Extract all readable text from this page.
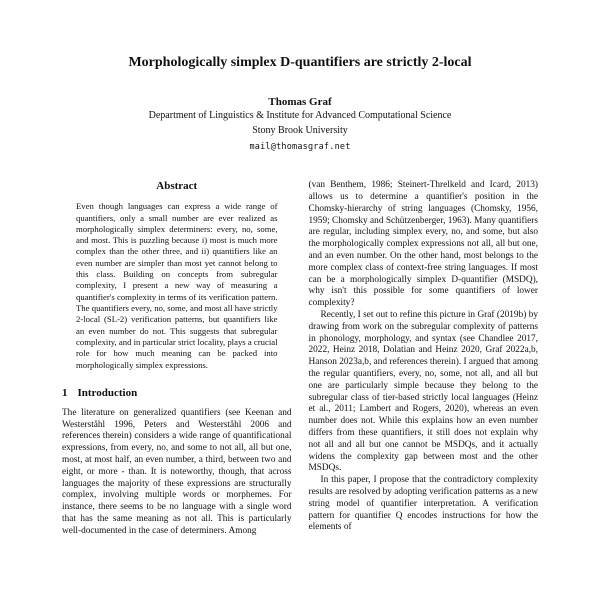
Morphologically simplex D-quantifiers are strictly 2-local
Thomas Graf
Department of Linguistics & Institute for Advanced Computational Science
Stony Brook University
mail@thomasgraf.net
Abstract

Even though languages can express a wide range of quantifiers, only a small number are ever realized as morphologically simplex determiners: every, no, some, and most. This is puzzling because i) most is much more complex than the other three, and ii) quantifiers like an even number are simpler than most yet cannot belong to this class. Building on concepts from subregular complexity, I present a new way of measuring a quantifier's complexity in terms of its verification pattern. The quantifiers every, no, some, and most all have strictly 2-local (SL-2) verification patterns, but quantifiers like an even number do not. This suggests that subregular complexity, and in particular strict locality, plays a crucial role for how much meaning can be packed into morphologically simplex expressions.

1 Introduction

The literature on generalized quantifiers (see Keenan and Westerståhl 1996, Peters and Westerståhl 2006 and references therein) considers a wide range of quantificational expressions, from every, no, and some to not all, all but one, most, at most half, an even number, a third, between two and eight, or more - than. It is noteworthy, though, that across languages the majority of these expressions are structurally complex, involving multiple words or morphemes. For instance, there seems to be no language with a single word that has the same meaning as not all. This is particularly well-documented in the case of determiners. Among

(van Benthem, 1986; Steinert-Threlkeld and Icard, 2013) allows us to determine a quantifier's position in the Chomsky-hierarchy of string languages (Chomsky, 1956, 1959; Chomsky and Schützenberger, 1963). Many quantifiers are regular, including simplex every, no, and some, but also the morphologically complex expressions not all, all but one, and an even number. On the other hand, most belongs to the more complex class of context-free string languages. If most can be a morphologically simplex D-quantifier (MSDQ), why isn't this possible for some quantifiers of lower complexity?

Recently, I set out to refine this picture in Graf (2019b) by drawing from work on the subregular complexity of patterns in phonology, morphology, and syntax (see Chandlee 2017, 2022, Heinz 2018, Dolatian and Heinz 2020, Graf 2022a,b, Hanson 2023a,b, and references therein). I argued that among the regular quantifiers, every, no, some, not all, and all but one are particularly simple because they belong to the subregular class of tier-based strictly local languages (Heinz et al., 2011; Lambert and Rogers, 2020), whereas an even number does not. While this explains how an even number differs from these quantifiers, it still does not explain why not all and all but one cannot be MSDQs, and it actually widens the complexity gap between most and the other MSDQs.

In this paper, I propose that the contradictory complexity results are resolved by adopting verification patterns as a new string model of quantifier interpretation. A verification pattern for quantifier Q encodes instructions for how the elements of
